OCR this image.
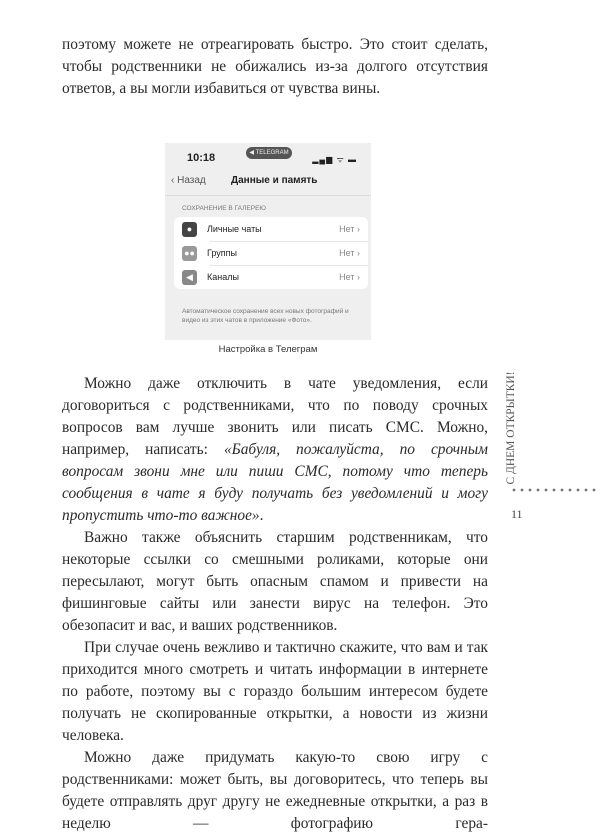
поэтому можете не отреагировать быстро. Это стоит сделать, чтобы родственники не обижались из-за долгого отсутствия ответов, а вы могли избавиться от чувства вины.

10:18	◀ TELEGRAM
▂▄▆ ᯤ ▬
‹ Назад	Данные и память
СОХРАНЕНИЕ В ГАЛЕРЕЮ
●	Личные чаты	Нет ›
●● Группы	Нет ›
◀	Каналы	Нет ›
Автоматическое сохранение всех новых фотографий и видео из этих чатов в приложение «Фото».
Настройка в Телеграм

Можно даже отключить в чате уведомления, если договориться с родственниками, что по поводу срочных вопросов вам лучше звонить или писать СМС. Можно, например, написать: «Бабуля, пожалуйста, по срочным вопросам звони мне или пиши СМС, потому что теперь сообщения в чате я буду получать без уведомлений и могу пропустить что-то важное».

Важно также объяснить старшим родственникам, что некоторые ссылки со смешными роликами, которые они пересылают, могут быть опасным спамом и привести на фишинговые сайты или занести вирус на телефон. Это обезопасит и вас, и ваших родственников.

При случае очень вежливо и тактично скажите, что вам и так приходится много смотреть и читать информации в интернете по работе, поэтому вы с гораздо большим интересом будете получать не скопированные открытки, а новости из жизни человека.

Можно даже придумать какую-то свою игру с родственниками: может быть, вы договоритесь, что теперь вы будете отправлять друг другу не ежедневные открытки, а раз в неделю — фотографию гера-

С ДНЕМ ОТКРЫТКИ!
11
